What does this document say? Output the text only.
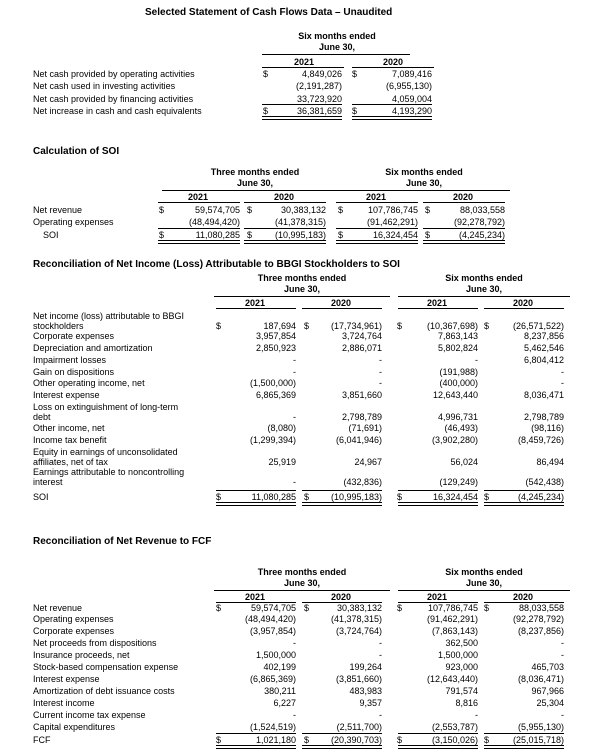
Selected Statement of Cash Flows Data – Unaudited
Six months ended
June 30,
2021	2020
Net cash provided by operating activities	4,849,026	7,089,416
Net cash used in investing activities	(2,191,287)	(6,955,130)
Net cash provided by financing activities	33,723,920	4,059,004
Net increase in cash and cash equivalents	36,381,659	4,193,290
$	$
$	$
Calculation of SOI
Three months ended
June 30,
Six months ended
June 30,
2021	2020	2021	2020
Net revenue	59,574,705	30,383,132	107,786,745	88,033,558
Operating expenses	(48,494,420)	(41,378,315)	(91,462,291)	(92,278,792)
SOI	11,080,285	(10,995,183)	16,324,454	(4,245,234)
$
$
$
$
$
$
$
$
Reconciliation of Net Income (Loss) Attributable to BBGI Stockholders to SOI
Three months ended
June 30,
Six months ended
June 30,
2021	2020	2021	2020
Net income (loss) attributable to BBGI
stockholders	187,694	(17,734,961)	(10,367,698)	(26,571,522)
Corporate expenses	3,957,854	3,724,764	7,863,143	8,237,856
Depreciation and amortization	2,850,923	2,886,071	5,802,824	5,462,546
Impairment losses	-	-	-	6,804,412
Gain on dispositions	-	-	(191,988)	-
Other operating income, net	(1,500,000)	-	(400,000)	-
Interest expense	6,865,369	3,851,660	12,643,440	8,036,471
Loss on extinguishment of long-term
debt	-	2,798,789	4,996,731	2,798,789
Other income, net	(8,080)	(71,691)	(46,493)	(98,116)
Income tax benefit	(1,299,394)	(6,041,946)	(3,902,280)	(8,459,726)
Equity in earnings of unconsolidated
affiliates, net of tax	25,919	24,967	56,024	86,494
Earnings attributable to noncontrolling
interest	-	(432,836)	(129,249)	(542,438)
SOI	11,080,285	(10,995,183)	16,324,454	(4,245,234)
$
$
$
$
$
$
$
$
Reconciliation of Net Revenue to FCF
Three months ended
June 30,
Six months ended
June 30,
2021	2020	2021	2020
Net revenue	59,574,705	30,383,132	107,786,745	88,033,558
Operating expenses	(48,494,420)	(41,378,315)	(91,462,291)	(92,278,792)
Corporate expenses	(3,957,854)	(3,724,764)	(7,863,143)	(8,237,856)
Net proceeds from dispositions	-	-	362,500	-
Insurance proceeds, net	1,500,000	-	1,500,000	-
Stock-based compensation expense	402,199	199,264	923,000	465,703
Interest expense	(6,865,369)	(3,851,660)	(12,643,440)	(8,036,471)
Amortization of debt issuance costs	380,211	483,983	791,574	967,966
Interest income	6,227	9,357	8,816	25,304
Current income tax expense	-	-	-	-
Capital expenditures	(1,524,519)	(2,511,700)	(2,553,787)	(5,955,130)
FCF	1,021,180	(20,390,703)	(3,150,026)	(25,015,718)
$
$
$
$
$
$
$
$
